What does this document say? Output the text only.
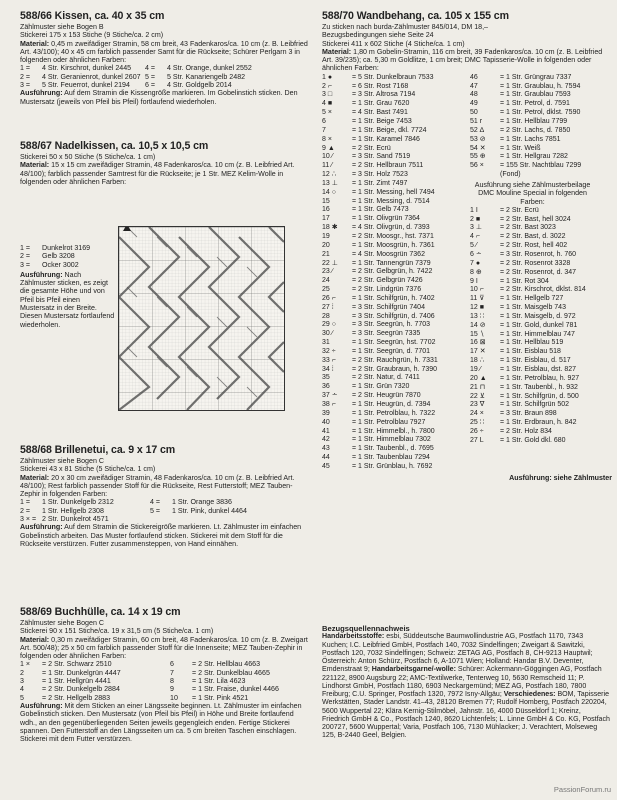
588/66 Kissen, ca. 40 x 35 cm

Zählmuster siehe Bogen B

Stickerei 175 x 153 Stiche (9 Stiche/ca. 2 cm)

Material: 0,45 m zweifädiger Stramin, 58 cm breit, 43 Fadenkaros/ca. 10 cm (z. B. Leibfried Art. 43/100); 40 x 45 cm farblich passender Samt für die Rückseite; Schürer Perlgarn 3 in folgenden oder ähnlichen Farben:

1 =	4 Str. Kirschrot, dunkel 2445	4 =	4 Str. Orange, dunkel 2552
2 =	4 Str. Geranienrot, dunkel 2607 5 =	5 Str. Kanariengelb 2482
3 =	5 Str. Feuerrot, dunkel 2194	6 =	4 Str. Goldgelb 2014

Ausführung: Auf dem Stramin die Kissengröße markieren. Im Gobelinstich sticken. Den Mustersatz (jeweils von Pfeil bis Pfeil) fortlaufend wiederholen.

588/67 Nadelkissen, ca. 10,5 x 10,5 cm

Stickerei 50 x 50 Stiche (5 Stiche/ca. 1 cm)

Material: 15 x 15 cm zweifädiger Stramin, 48 Fadenkaros/ca. 10 cm (z. B. Leibfried Art. 48/100); farblich passender Samtrest für die Rückseite; je 1 Str. MEZ Kelim-Wolle in folgenden oder ähnlichen Farben:

1 =	Dunkelrot 3169
2 =	Gelb 3208
3 =	Ocker 3002

Ausführung: Nach Zählmuster sticken, es zeigt die gesamte Höhe und von Pfeil bis Pfeil einen Mustersatz in der Breite. Diesen Mustersatz fortlaufend wiederholen.

588/68 Brillenetui, ca. 9 x 17 cm

Zählmuster siehe Bogen C

Stickerei 43 x 81 Stiche (5 Stiche/ca. 1 cm)

Material: 20 x 30 cm zweifädiger Stramin, 48 Fadenkaros/ca. 10 cm (z. B. Leibfried Art. 48/100); Rest farblich passender Stoff für die Rückseite, Rest Futterstoff; MEZ Tauben-Zephir in folgenden Farben:

1 =	1 Str. Dunkelgelb 2312	4 =	1 Str. Orange 3836
2 =	1 Str. Hellgelb 2308	5 =	1 Str. Pink, dunkel 4464
3 × = 2 Str. Dunkelrot 4571

Ausführung: Auf dem Stramin die Stickereigröße markieren. Lt. Zählmuster im einfachen Gobelinstich arbeiten. Das Muster fortlaufend sticken. Stickerei mit dem Stoff für die Rückseite verstürzen. Futter zusammensteppen, von Hand einnähen.

588/69 Buchhülle, ca. 14 x 19 cm

Zählmuster siehe Bogen C

Stickerei 90 x 151 Stiche/ca. 19 x 31,5 cm (5 Stiche/ca. 1 cm)

Material: 0,30 m zweifädiger Stramin, 60 cm breit, 48 Fadenkaros/ca. 10 cm (z. B. Zweigart Art. 500/48); 25 x 50 cm farblich passender Stoff für die Innenseite; MEZ Tauben-Zephir in folgenden oder ähnlichen Farben:

1 ×	= 2 Str. Schwarz 2510	6	= 2 Str. Hellblau 4663
2	= 1 Str. Dunkelgrün 4447	7	= 2 Str. Dunkelblau 4665
3	= 1 Str. Hellgrün 4441	8	= 1 Str. Lila 4623
4	= 2 Str. Dunkelgelb 2884	9	= 1 Str. Fraise, dunkel 4466
5	= 2 Str. Hellgelb 2883	10	= 1 Str. Pink 4521

Ausführung: Mit dem Sticken an einer Längsseite beginnen. Lt. Zählmuster im einfachen Gobelinstich sticken. Den Mustersatz (von Pfeil bis Pfeil) in Höhe und Breite fortlaufend wdh., an den gegenüberliegenden Seiten jeweils gegengleich enden. Fertige Stickerei spannen. Den Futterstoff an den Längsseiten um ca. 5 cm breiten Taschen einschlagen. Stickerei mit dem Futter verstürzen.

588/70 Wandbehang, ca. 105 x 155 cm

Zu sticken nach burda-Zählmuster 845/014, DM 18,–

Bezugsbedingungen siehe Seite 24

Stickerei 411 x 602 Stiche (4 Stiche/ca. 1 cm)

Material: 1,80 m Gobelin-Stramin, 116 cm breit, 39 Fadenkaros/ca. 10 cm (z. B. Leibfried Art. 39/235); ca. 5,30 m Goldlitze, 1 cm breit; DMC Tapisserie-Wolle in folgenden oder ähnlichen Farben:

1 ●	= 5 Str. Dunkelbraun 7533
2 ⌐	= 6 Str. Rost 7168
3 □	= 3 Str. Altrosa 7194
4 ■	= 1 Str. Grau 7620
5 ×	= 4 Str. Bast 7491
6	= 1 Str. Beige 7453
7	= 1 Str. Beige, dkl. 7724
8 ×	= 1 Str. Karamel 7846
9 ▲	= 2 Str. Ecrü
10 ⁄	= 3 Str. Sand 7519
11 ⁄	= 2 Str. Hellbraun 7511
12 ∴	= 3 Str. Holz 7523
13 ⊥	= 1 Str. Zimt 7497
14 ○	= 1 Str. Messing, hell 7494
15	= 1 Str. Messing, d. 7514
16	= 1 Str. Gelb 7473
17	= 1 Str. Olivgrün 7364
18 ✱	= 4 Str. Olivgrün, d. 7393
19	= 2 Str. Moosgr., hst. 7371
20	= 1 Str. Moosgrün, h. 7361
21	= 4 Str. Moosgrün 7362
22 ⊥	= 1 Str. Tannengrün 7379
23 ∕	= 2 Str. Gelbgrün, h. 7422
24	= 2 Str. Gelbgrün 7426
25	= 2 Str. Lindgrün 7376
26 ⌐	= 1 Str. Schilfgrün, h. 7402
27 ⁞	= 3 Str. Schilfgrün 7404
28	= 3 Str. Schilfgrün, d. 7406
29 ○	= 3 Str. Seegrün, h. 7703
30 ∕	= 3 Str. Seegrün 7335
31	= 1 Str. Seegrün, hst. 7702
32 ÷	= 1 Str. Seegrün, d. 7701
33 ⌐	= 2 Str. Rauchgrün, h. 7331
34 ⁞	= 2 Str. Graubraun, h. 7390
35	= 2 Str. Natur, d. 7411
36	= 1 Str. Grün 7320
37 ∸	= 2 Str. Heugrün 7870
38 ⌐	= 1 Str. Heugrün, d. 7394
39	= 1 Str. Petrolblau, h. 7322
40	= 1 Str. Petrolblau 7927
41	= 1 Str. Himmelbl., h. 7800
42	= 1 Str. Himmelblau 7302
43	= 1 Str. Taubenbl., d. 7695
44	= 1 Str. Taubenblau 7294
45	= 1 Str. Grünblau, h. 7692
46	= 1 Str. Grüngrau 7337
47	= 1 Str. Graublau, h. 7594
48	= 1 Str. Graublau 7593
49	= 1 Str. Petrol, d. 7591
50	= 1 Str. Petrol, dklst. 7590
51 r	= 1 Str. Hellblau 7799
52 ∆	= 2 Str. Lachs, d. 7850
53 ⊘	= 1 Str. Lachs 7851
54 ✕	= 1 Str. Weiß
55 ⊕	= 1 Str. Hellgrau 7282
56 ×	= 155 Str. Nachtblau 7299
(Fond)
Ausführung siehe Zählmusterbeilage
DMC Mouline Special in folgenden Farben:
1 I	= 2 Str. Ecrü
2 ■	= 2 Str. Bast, hell 3024
3 ⊥	= 2 Str. Bast 3023
4 ⌐	= 2 Str. Bast, d. 3022
5 ⁄	= 2 Str. Rost, hell 402
6 ∸	= 3 Str. Rosenrot, h. 760
7 ●	= 2 Str. Rosenrot 3328
8 ⊕	= 2 Str. Rosenrot, d. 347
9 I	= 1 Str. Rot 304
10 ⌐	= 2 Str. Kirschrot, dklst. 814
11 ⊽	= 1 Str. Hellgelb 727
12 ■	= 1 Str. Maisgelb 743
13 ∷	= 1 Str. Maisgelb, d. 972
14 ⊘	= 1 Str. Gold, dunkel 781
15 ∖	= 1 Str. Himmelblau 747
16 ⊠	= 1 Str. Hellblau 519
17 ✕	= 1 Str. Eisblau 518
18 ∴	= 1 Str. Eisblau, d. 517
19 ⁄	= 1 Str. Eisblau, dst. 827
20 ▲	= 1 Str. Petrolblau, h. 927
21 ⊓	= 1 Str. Taubenbl., h. 932
22 ⊻	= 1 Str. Schilfgrün, d. 500
23 ∇	= 1 Str. Schilfgrün 502
24 ×	= 3 Str. Braun 898
25 ∷	= 1 Str. Erdbraun, h. 842
26 ÷	= 2 Str. Holz 834
27 L	= 1 Str. Gold dkl. 680
Ausführung: siehe Zählmuster
Bezugsquellennachweis

Handarbeitsstoffe: esbi, Süddeutsche Baumwollindustrie AG, Postfach 1170, 7343 Kuchen; I.C. Leibfried GmbH, Postfach 140, 7032 Sindelfingen; Zweigart & Sawitzki, Postfach 120, 7032 Sindelfingen; Schweiz: ZETAG AG, Postfach 8, CH-9213 Hauptwil; Österreich: Anton Schürz, Postfach 6, A-1071 Wien; Holland: Handar B.V. Deventer, Emdenstraat 9; Handarbeitsgarne/-wolle: Schürer: Ackermann-Göggingen AG, Postfach 221122, 8900 Augsburg 22; AMC-Textilwerke, Tenterweg 10, 5630 Remscheid 11; P. Lindhorst GmbH, Postfach 1180, 6903 Neckargemünd; MEZ AG, Postfach 180, 7800 Freiburg; C.U. Springer, Postfach 1320, 7972 Isny-Allgäu; Verschiedenes: BOM, Tapisserie Werkstätten, Stader Landstr. 41–43, 28120 Bremen 77; Rudolf Homberg, Postfach 220204, 5600 Wuppertal 22; Klära Kernig-Stilmöbel, Jahnstr. 16, 4000 Düsseldorf 1; Kreinz, Friedrich GmbH & Co., Postfach 1240, 8620 Lichtenfels; L. Linne GmbH & Co. KG, Postfach 200727, 5600 Wuppertal; Varia, Postfach 106, 7130 Mühlacker; J. Verachtert, Molseweg 125, B-2440 Geel, Belgien.

PassionForum.ru
